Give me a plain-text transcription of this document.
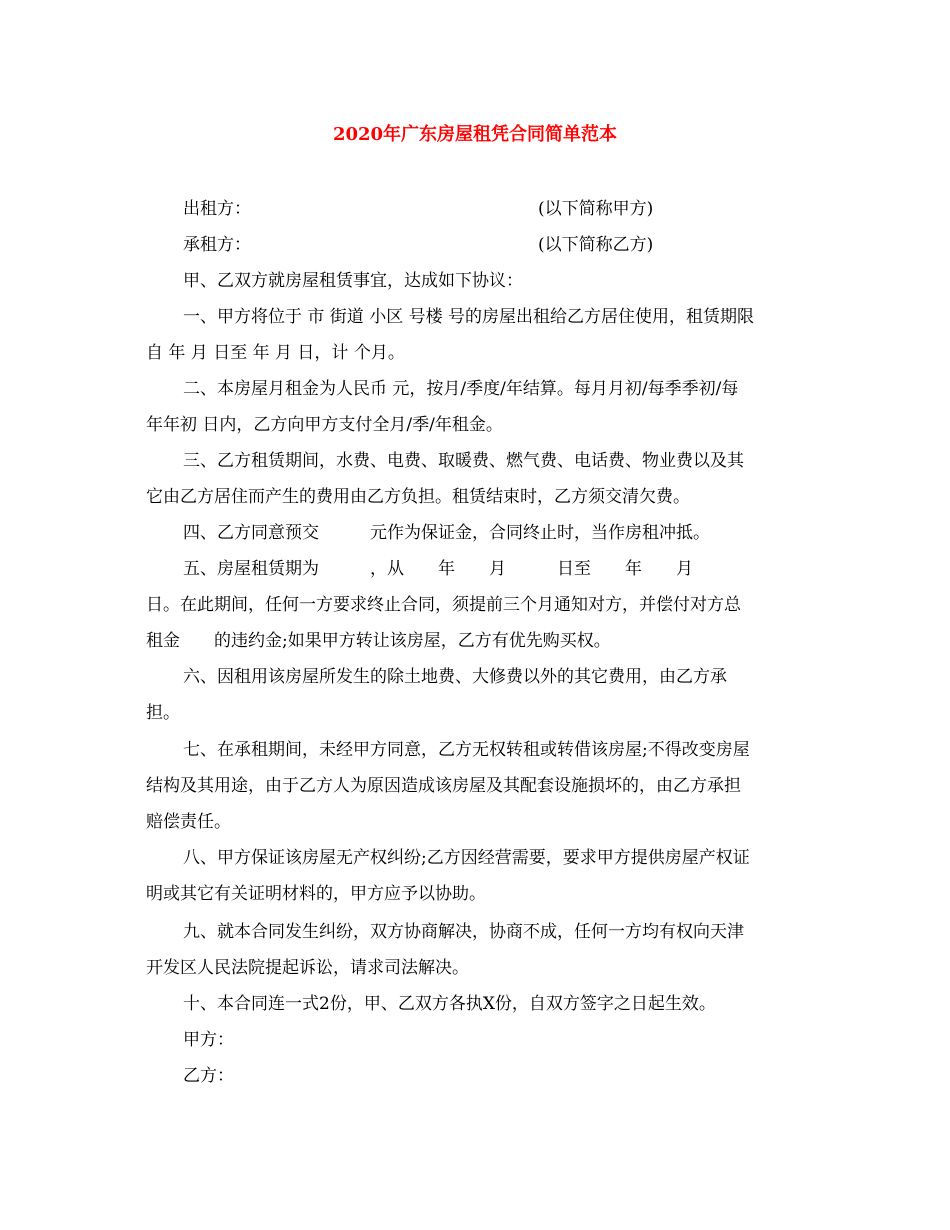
2020年广东房屋租凭合同简单范本
出租方：	(以下简称甲方)
承租方：	(以下简称乙方)
甲、乙双方就房屋租赁事宜，达成如下协议：
一、甲方将位于 市 街道 小区 号楼 号的房屋出租给乙方居住使用，租赁期限
自 年 月 日至 年 月 日，计 个月。
二、本房屋月租金为人民币 元，按月/季度/年结算。每月月初/每季季初/每
年年初 日内，乙方向甲方支付全月/季/年租金。
三、乙方租赁期间，水费、电费、取暖费、燃气费、电话费、物业费以及其
它由乙方居住而产生的费用由乙方负担。租赁结束时，乙方须交清欠费。
四、乙方同意预交　　　元作为保证金，合同终止时，当作房租冲抵。
五、房屋租赁期为　　　，从　　年　　月　　　日至　　年　　月
日。在此期间，任何一方要求终止合同，须提前三个月通知对方，并偿付对方总
租金　　的违约金;如果甲方转让该房屋，乙方有优先购买权。
六、因租用该房屋所发生的除土地费、大修费以外的其它费用，由乙方承
担。
七、在承租期间，未经甲方同意，乙方无权转租或转借该房屋;不得改变房屋
结构及其用途，由于乙方人为原因造成该房屋及其配套设施损坏的，由乙方承担
赔偿责任。
八、甲方保证该房屋无产权纠纷;乙方因经营需要，要求甲方提供房屋产权证
明或其它有关证明材料的，甲方应予以协助。
九、就本合同发生纠纷，双方协商解决，协商不成，任何一方均有权向天津
开发区人民法院提起诉讼，请求司法解决。
十、本合同连一式2份，甲、乙双方各执X份，自双方签字之日起生效。
甲方：
乙方：
